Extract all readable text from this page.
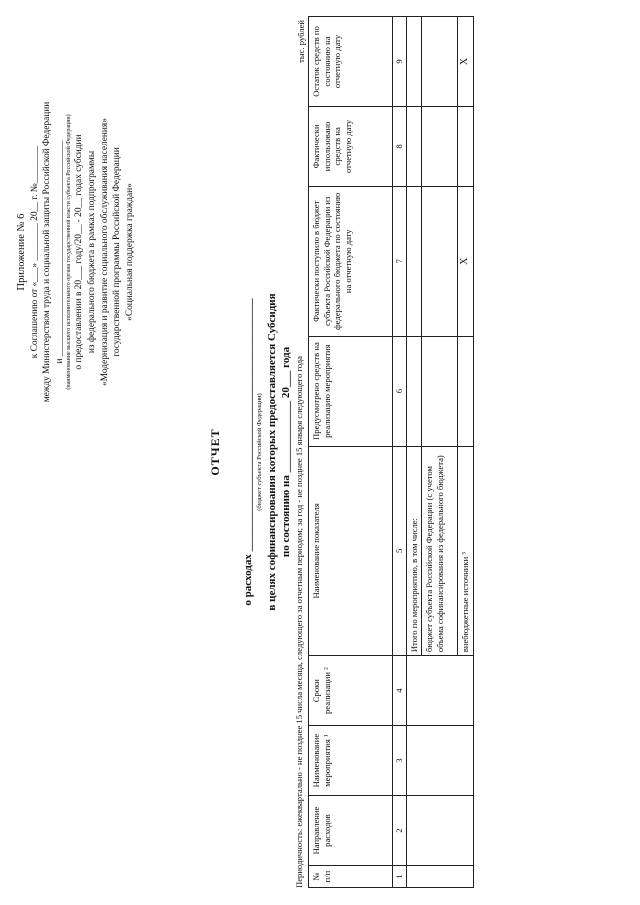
Приложение № 6 к Соглашению от «___» ________ 20__ г. №________ между Министерством труда и социальной защиты Российской Федерации и ______________________________________________ (наименование высшего исполнительного органа государственной власти субъекта Российской Федерации) о предоставлении в 20___ году/20__ - 20__ годах субсидии из федерального бюджета в рамках подпрограммы «Модернизация и развитие социального обслуживания населения» государственной программы Российской Федерации «Социальная поддержка граждан»
ОТЧЕТ о расходах ______________________________________________ (бюджет субъекта Российской Федерации) в целях софинансирования которых предоставляется Субсидия по состоянию на _____________ 20___ года Периодичность: ежеквартально - не позднее 15 числа месяца, следующего за отчетным периодом; за год - не позднее 15 января следующего года
тыс. рублей
№ п/п	Направление расходов	Наименование мероприятия ¹	Сроки реализации ²	Наименование показателя	Предусмотрено средств на реализацию мероприятия	Фактически поступило в бюджет субъекта Российской Федерации из федерального бюджета по состоянию на отчетную дату	Фактически использовано средств на отчетную дату	Остаток средств по состоянию на отчетную дату
1	2	3	4	5	6	7	8	9
				Итого по мероприятию, в том числе:				
				бюджет субъекта Российской Федерации (с учетом объема софинансирования из федерального бюджета)				
				внебюджетные источники ³		X		X
